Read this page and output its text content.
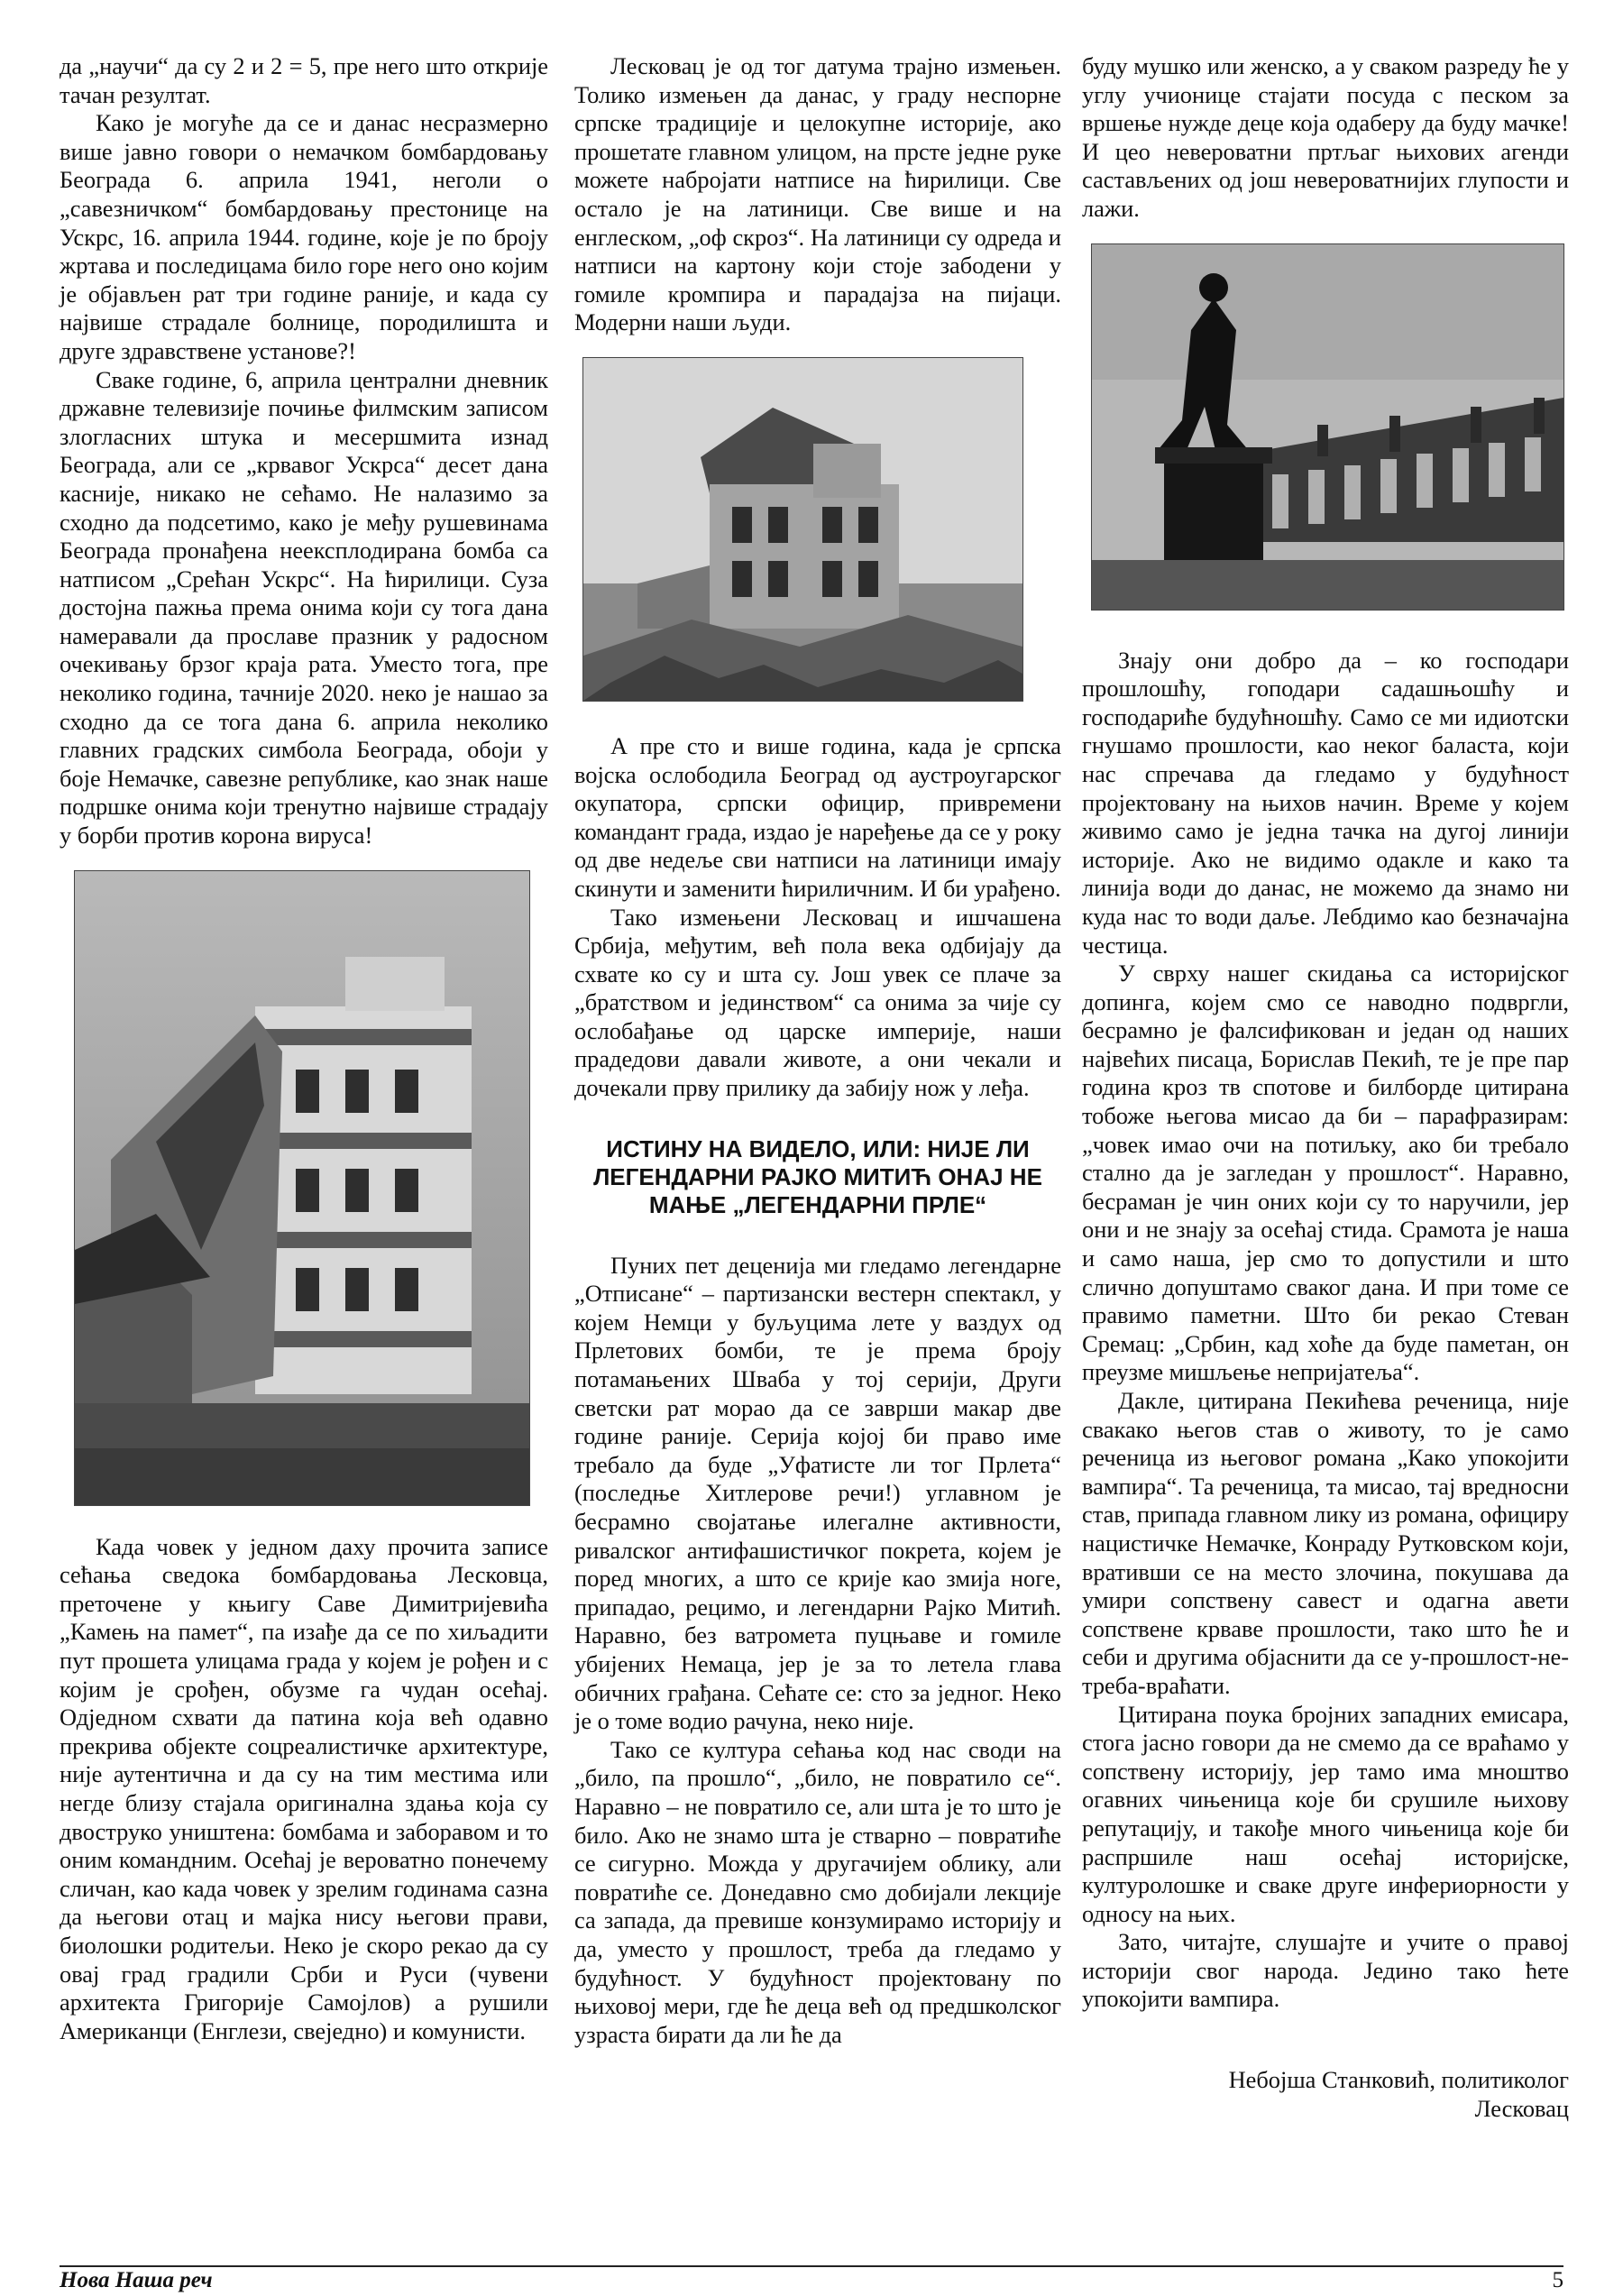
да „научи“ да су 2 и 2 = 5, пре него што открије тачан резултат.

Како је могуће да се и данас несразмерно више јавно говори о немачком бомбардовању Београда 6. априла 1941, неголи о „савезничком“ бомбардовању престонице на Ускрс, 16. априла 1944. године, које је по броју жртава и последицама било горе него оно којим је објављен рат три године раније, и када су највише страдале болнице, породилишта и друге здравствене установе?!

Сваке године, 6, априла централни дневник државне телевизије почиње филмским записом злогласних штука и месершмита изнад Београда, али се „крвавог Ускрса“ десет дана касније, никако не сећамо. Не налазимо за сходно да подсетимо, како је међу рушевинама Београда пронађена неексплодирана бомба са натписом „Срећан Ускрс“. На ћирилици. Суза достојна пажња према онима који су тога дана намеравали да прославе празник у радосном очекивању брзог краја рата. Уместо тога, пре неколико година, тачније 2020. неко је нашао за сходно да се тога дана 6. априла неколико главних градских симбола Београда, обоји у боје Немачке, савезне републике, као знак наше подршке онима који тренутно највише страдају у борби против корона вируса!

Када човек у једном даху прочита записе сећања сведока бомбардовања Лесковца, преточене у књигу Саве Димитријевића „Камењ на памет“, па изађе да се по хиљадити пут прошета улицама града у којем је рођен и с којим је срођен, обузме га чудан осећај. Одједном схвати да патина која већ одавно прекрива објекте соцреалистичке архитектуре, није аутентична и да су на тим местима или негде близу стајала оригинална здања која су двоструко уништена: бомбама и заборавом и то оним командним. Осећај је вероватно понечему сличан, као када човек у зрелим годинама сазна да његови отац и мајка нису његови прави, биолошки родитељи. Неко је скоро рекао да су овај град градили Срби и Руси (чувени архитекта Григорије Самојлов) а рушили Американци (Енглези, свеједно) и комунисти.

Лесковац је од тог датума трајно измењен. Толико измењен да данас, у граду неспорне српске традиције и целокупне историје, ако прошетате главном улицом, на прсте једне руке можете набројати натписе на ћирилици. Све остало је на латиници. Све више и на енглеском, „оф скроз“. На латиници су одреда и натписи на картону који стоје забодени у гомиле кромпира и парадајза на пијаци. Модерни наши људи.

А пре сто и више година, када је српска војска ослободила Београд од аустроугарског окупатора, српски официр, привремени командант града, издао је наређење да се у року од две недеље сви натписи на латиници имају скинути и заменити ћириличним. И би урађено.

Тако измењени Лесковац и ишчашена Србија, међутим, већ пола века одбијају да схвате ко су и шта су. Још увек се плаче за „братством и јединством“ са онима за чије су ослобађање од царске империје, наши прадедови давали животе, а они чекали и дочекали прву прилику да забију нож у леђа.

ИСТИНУ НА ВИДЕЛО, ИЛИ: НИЈЕ ЛИ ЛЕГЕНДАРНИ РАЈКО МИТИЋ ОНАЈ НЕ МАЊЕ „ЛЕГЕНДАРНИ ПРЛЕ“

Пуних пет деценија ми гледамо легендарне „Отписане“ – партизански вестерн спектакл, у којем Немци у буљуцима лете у ваздух од Прлетових бомби, те је према броју потамањених Шваба у тој серији, Други светски рат морао да се заврши макар две године раније. Серија којој би право име требало да буде „Уфатисте ли тог Прлета“ (последње Хитлерове речи!) углавном је бесрамно својатање илегалне активности, ривалског антифашистичког покрета, којем је поред многих, а што се крије као змија ноге, припадао, рецимо, и легендарни Рајко Митић. Наравно, без ватромета пуцњаве и гомиле убијених Немаца, јер је за то летела глава обичних грађана. Сећате се: сто за једног. Неко је о томе водио рачуна, неко није.

Тако се култура сећања код нас своди на „било, па прошло“, „било, не повратило се“. Наравно – не повратило се, али шта је то што је било. Ако не знамо шта је стварно – повратиће се сигурно. Можда у другачијем облику, али повратиће се. Донедавно смо добијали лекције са запада, да превише конзумирамо историју и да, уместо у прошлост, треба да гледамо у будућност. У будућност пројектовану по њиховој мери, где ће деца већ од предшколског узраста бирати да ли ће да

буду мушко или женско, а у сваком разреду ће у углу учионице стајати посуда с песком за вршење нужде деце која одаберу да буду мачке! И цео невероватни пртљаг њихових агенди састављених од још невероватнијих глупости и лажи.

Знају они добро да – ко господари прошлошћу, гоподари садашњошћу и господариће будућношћу. Само се ми идиотски гнушамо прошлости, као неког баласта, који нас спречава да гледамо у будућност пројектовану на њихов начин. Време у којем живимо само је једна тачка на дугој линији историје. Ако не видимо одакле и како та линија води до данас, не можемо да знамо ни куда нас то води даље. Лебдимо као безначајна честица.

У сврху нашег скидања са историјског допинга, којем смо се наводно подвргли, бесрамно је фалсификован и један од наших највећих писаца, Борислав Пекић, те је пре пар година кроз тв спотове и билборде цитирана тобоже његова мисао да би – парафразирам: „човек имао очи на потиљку, ако би требало стално да је загледан у прошлост“. Наравно, бесраман је чин оних који су то наручили, јер они и не знају за осећај стида. Срамота је наша и само наша, јер смо то допустили и што слично допуштамо сваког дана. И при томе се правимо паметни. Што би рекао Стеван Сремац: „Србин, кад хоће да буде паметан, он преузме мишљење непријатеља“.

Дакле, цитирана Пекићева реченица, није свакако његов став о животу, то је само реченица из његовог романа „Како упокојити вампира“. Та реченица, та мисао, тај вредносни став, припада главном лику из романа, официру нацистичке Немачке, Конраду Рутковском који, вративши се на место злочина, покушава да умири сопствену савест и одагна авети сопствене крваве прошлости, тако што ће и себи и другима објаснити да се у-прошлост-не-треба-враћати.

Цитирана поука бројних западних емисара, стога јасно говори да не смемо да се враћамо у сопствену историју, јер тамо има мноштво огавних чињеница које би срушиле њихову репутацију, и такође много чињеница које би распршиле наш осећај историјске, културолошке и сваке друге инфериорности у односу на њих.

Зато, читајте, слушајте и учите о правој историји свог народа. Једино тако ћете упокојити вампира.

Небојша Станковић, политиколог
Лесковац
Нова Наша реч	5
